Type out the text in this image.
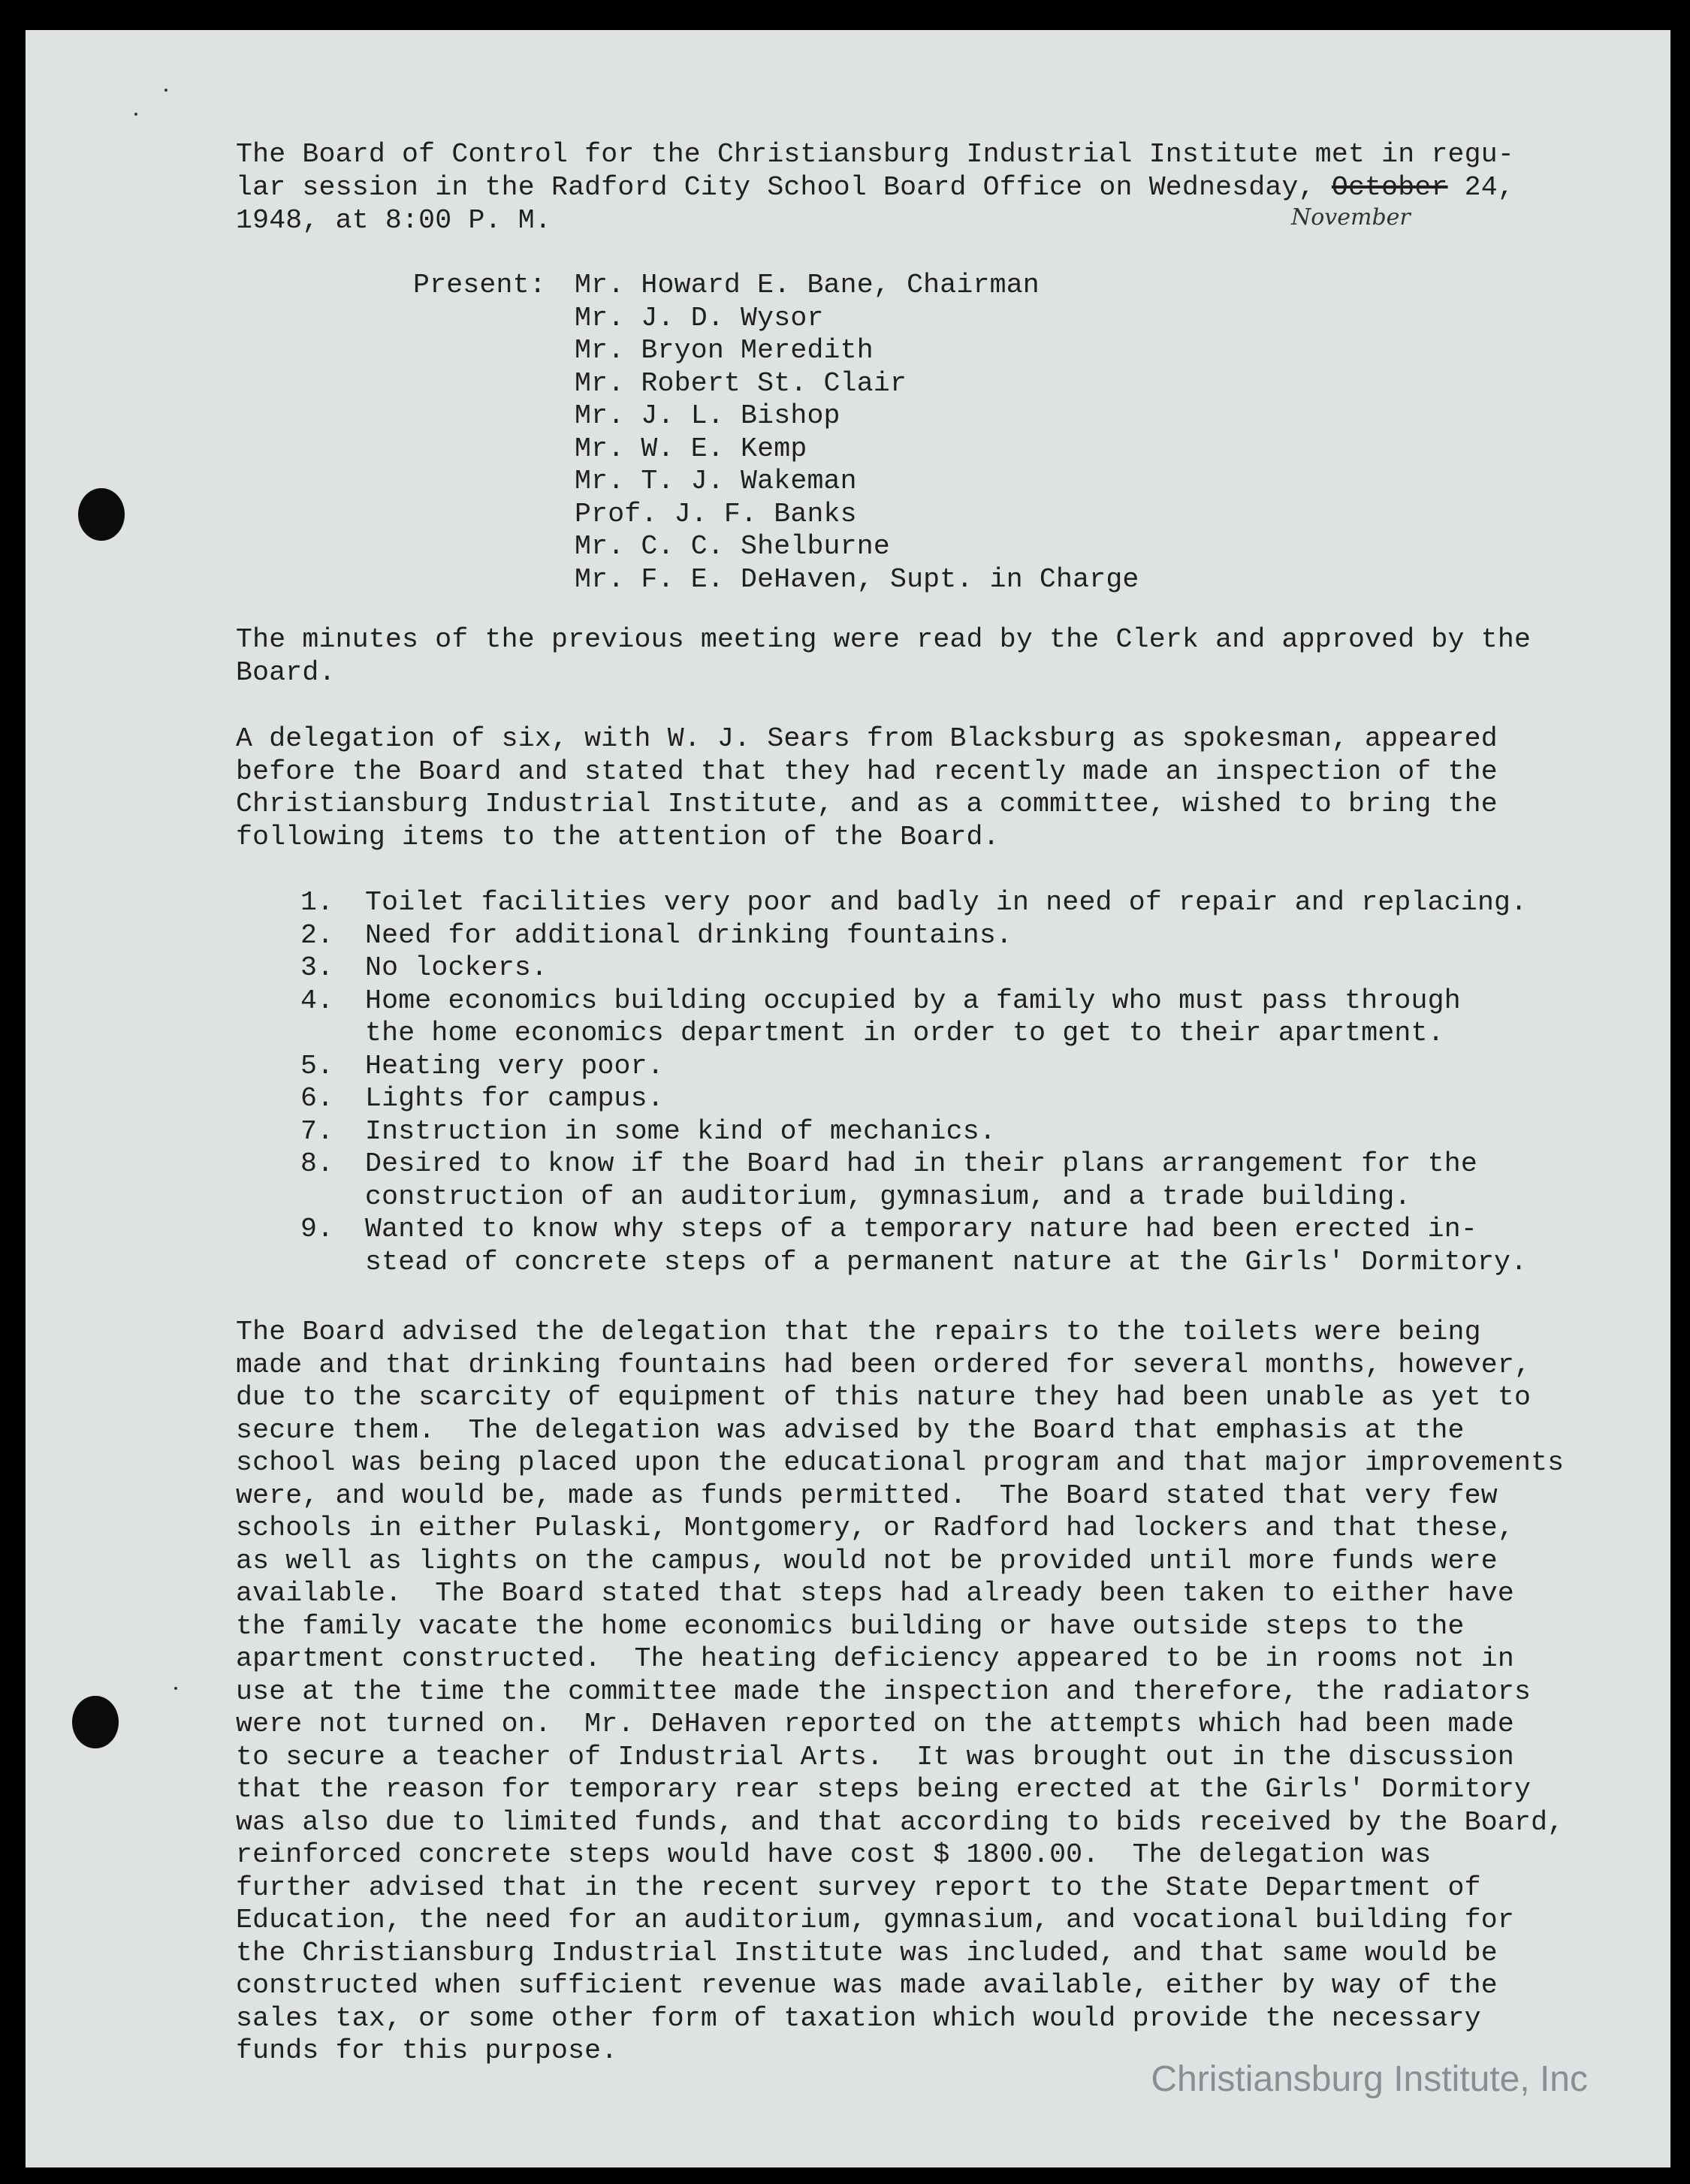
The Board of Control for the Christiansburg Industrial Institute met in regu-
lar session in the Radford City School Board Office on Wednesday, October 24,
1948, at 8:00 P. M.	November
Present: Mr. Howard E. Bane, Chairman
Mr. J. D. Wysor
Mr. Bryon Meredith
Mr. Robert St. Clair
Mr. J. L. Bishop
Mr. W. E. Kemp
Mr. T. J. Wakeman
Prof. J. F. Banks
Mr. C. C. Shelburne
Mr. F. E. DeHaven, Supt. in Charge
The minutes of the previous meeting were read by the Clerk and approved by the
Board.
A delegation of six, with W. J. Sears from Blacksburg as spokesman, appeared
before the Board and stated that they had recently made an inspection of the
Christiansburg Industrial Institute, and as a committee, wished to bring the
following items to the attention of the Board.
1. Toilet facilities very poor and badly in need of repair and replacing.
2. Need for additional drinking fountains.
3. No lockers.
4. Home economics building occupied by a family who must pass through
the home economics department in order to get to their apartment.
5. Heating very poor.
6. Lights for campus.
7. Instruction in some kind of mechanics.
8. Desired to know if the Board had in their plans arrangement for the
construction of an auditorium, gymnasium, and a trade building.
9. Wanted to know why steps of a temporary nature had been erected in-
stead of concrete steps of a permanent nature at the Girls' Dormitory.
The Board advised the delegation that the repairs to the toilets were being
made and that drinking fountains had been ordered for several months, however,
due to the scarcity of equipment of this nature they had been unable as yet to
secure them.  The delegation was advised by the Board that emphasis at the
school was being placed upon the educational program and that major improvements
were, and would be, made as funds permitted.  The Board stated that very few
schools in either Pulaski, Montgomery, or Radford had lockers and that these,
as well as lights on the campus, would not be provided until more funds were
available.  The Board stated that steps had already been taken to either have
the family vacate the home economics building or have outside steps to the
apartment constructed.  The heating deficiency appeared to be in rooms not in
use at the time the committee made the inspection and therefore, the radiators
were not turned on.  Mr. DeHaven reported on the attempts which had been made
to secure a teacher of Industrial Arts.  It was brought out in the discussion
that the reason for temporary rear steps being erected at the Girls' Dormitory
was also due to limited funds, and that according to bids received by the Board,
reinforced concrete steps would have cost $ 1800.00.  The delegation was
further advised that in the recent survey report to the State Department of
Education, the need for an auditorium, gymnasium, and vocational building for
the Christiansburg Industrial Institute was included, and that same would be
constructed when sufficient revenue was made available, either by way of the
sales tax, or some other form of taxation which would provide the necessary
funds for this purpose.
Christiansburg Institute, Inc
